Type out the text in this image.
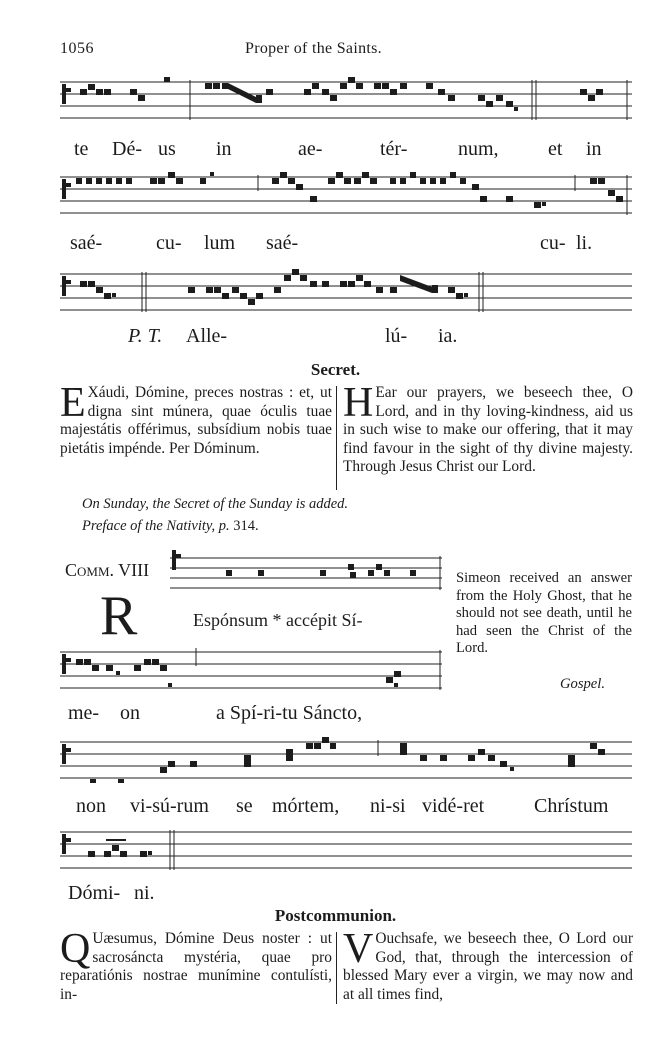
1056	Proper of the Saints.
te Dé- us in	ae-	tér-	num, et in
saé-	cu- lum saé-	cu- li.
P. T. Alle-	lú- ia.
Secret.
E Xáudi, Dómine, preces nostras : et, ut digna sint múnera, quae óculis tuae majestátis offérimus, subsídium nobis tuae pietátis impénde. Per Dóminum.
H Ear our prayers, we beseech thee, O Lord, and in thy loving-kindness, aid us in such wise to make our offering, that it may find favour in the sight of thy divine majesty. Through Jesus Christ our Lord.
On Sunday, the Secret of the Sunday is added.
Preface of the Nativity, p. 314.
Comm. VIII
R	Espónsum * accépit Sí-
Simeon received an answer from the Holy Ghost, that he should not see death, until he had seen the Christ of the Lord.
Gospel.
me- on	a Spí-ri-tu Sáncto,
non vi-sú-rum se mórtem, ni-si vidé-ret Chrístum
Dómi- ni.
Postcommunion.
Q Uæsumus, Dómine Deus noster : ut sacrosáncta mystéria, quae pro reparatiónis nostrae munímine contulísti, in-
V Ouchsafe, we beseech thee, O Lord our God, that, through the intercession of blessed Mary ever a virgin, we may now and at all times find,
